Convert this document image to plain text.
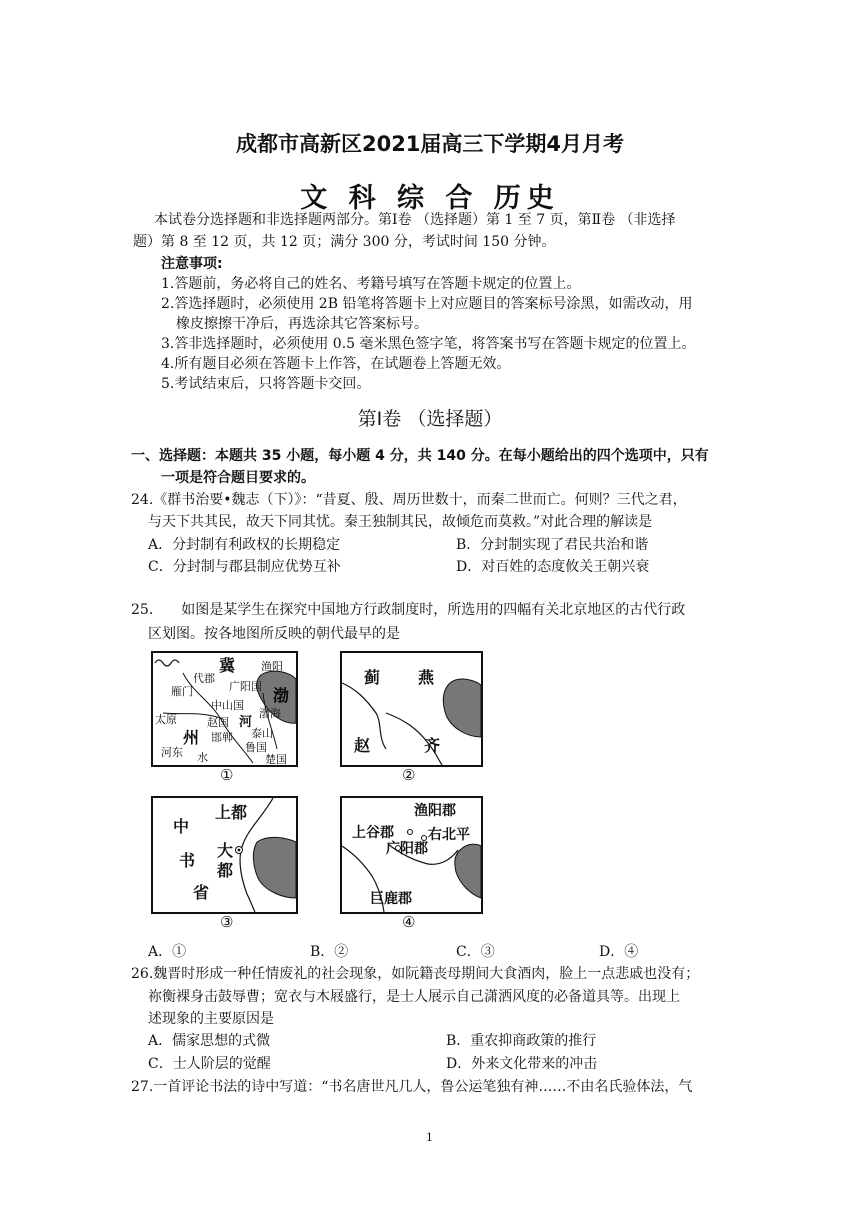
成都市高新区2021届高三下学期4月月考
文 科 综 合 历史
本试卷分选择题和非选择题两部分。第Ⅰ卷 （选择题）第 1 至 7 页，第Ⅱ卷 （非选择
题）第 8 至 12 页，共 12 页；满分 300 分，考试时间 150 分钟。
注意事项:
1.答题前，务必将自己的姓名、考籍号填写在答题卡规定的位置上。
2.答选择题时，必须使用 2B 铅笔将答题卡上对应题目的答案标号涂黑，如需改动，用
橡皮擦擦干净后，再选涂其它答案标号。
3.答非选择题时，必须使用 0.5 毫米黑色签字笔，将答案书写在答题卡规定的位置上。
4.所有题目必须在答题卡上作答，在试题卷上答题无效。
5.考试结束后，只将答题卡交回。
第Ⅰ卷 （选择题）
一、选择题：本题共 35 小题，每小题 4 分，共 140 分。在每小题给出的四个选项中，只有
一项是符合题目要求的。
24.《群书治要•魏志（下）》：“昔夏、殷、周历世数十，而秦二世而亡。何则？三代之君，
与天下共其民，故天下同其忧。秦王独制其民，故倾危而莫救。”对此合理的解读是
A．分封制有利政权的长期稳定	B．分封制实现了君民共治和谐
C．分封制与郡县制应优势互补	D．对百姓的态度攸关王朝兴衰
25.　　如图是某学生在探究中国地方行政制度时，所选用的四幅有关北京地区的古代行政
区划图。按各地图所反映的朝代最早的是
冀 渔阳
代郡
广阳国
雁门	渤
中山国
渤海
太原	赵国 河
泰山
州 邯郸
鲁国
河东 水	楚国
①
蓟 燕
赵	齐
②
上都
中
书
大
都
省
③
渔阳郡
上谷郡 右北平
广阳郡
巨鹿郡
④
A．①	B．②	C．③	D．④
26.魏晋时形成一种任情废礼的社会现象，如阮籍丧母期间大食酒肉，脸上一点悲戚也没有；
祢衡裸身击鼓辱曹；宽衣与木屐盛行，是士人展示自己潇洒风度的必备道具等。出现上
述现象的主要原因是
A．儒家思想的式微	B．重农抑商政策的推行
C．士人阶层的觉醒	D．外来文化带来的冲击
27.一首评论书法的诗中写道：“书名唐世凡几人，鲁公运笔独有神……不由名氏验体法，气
1
